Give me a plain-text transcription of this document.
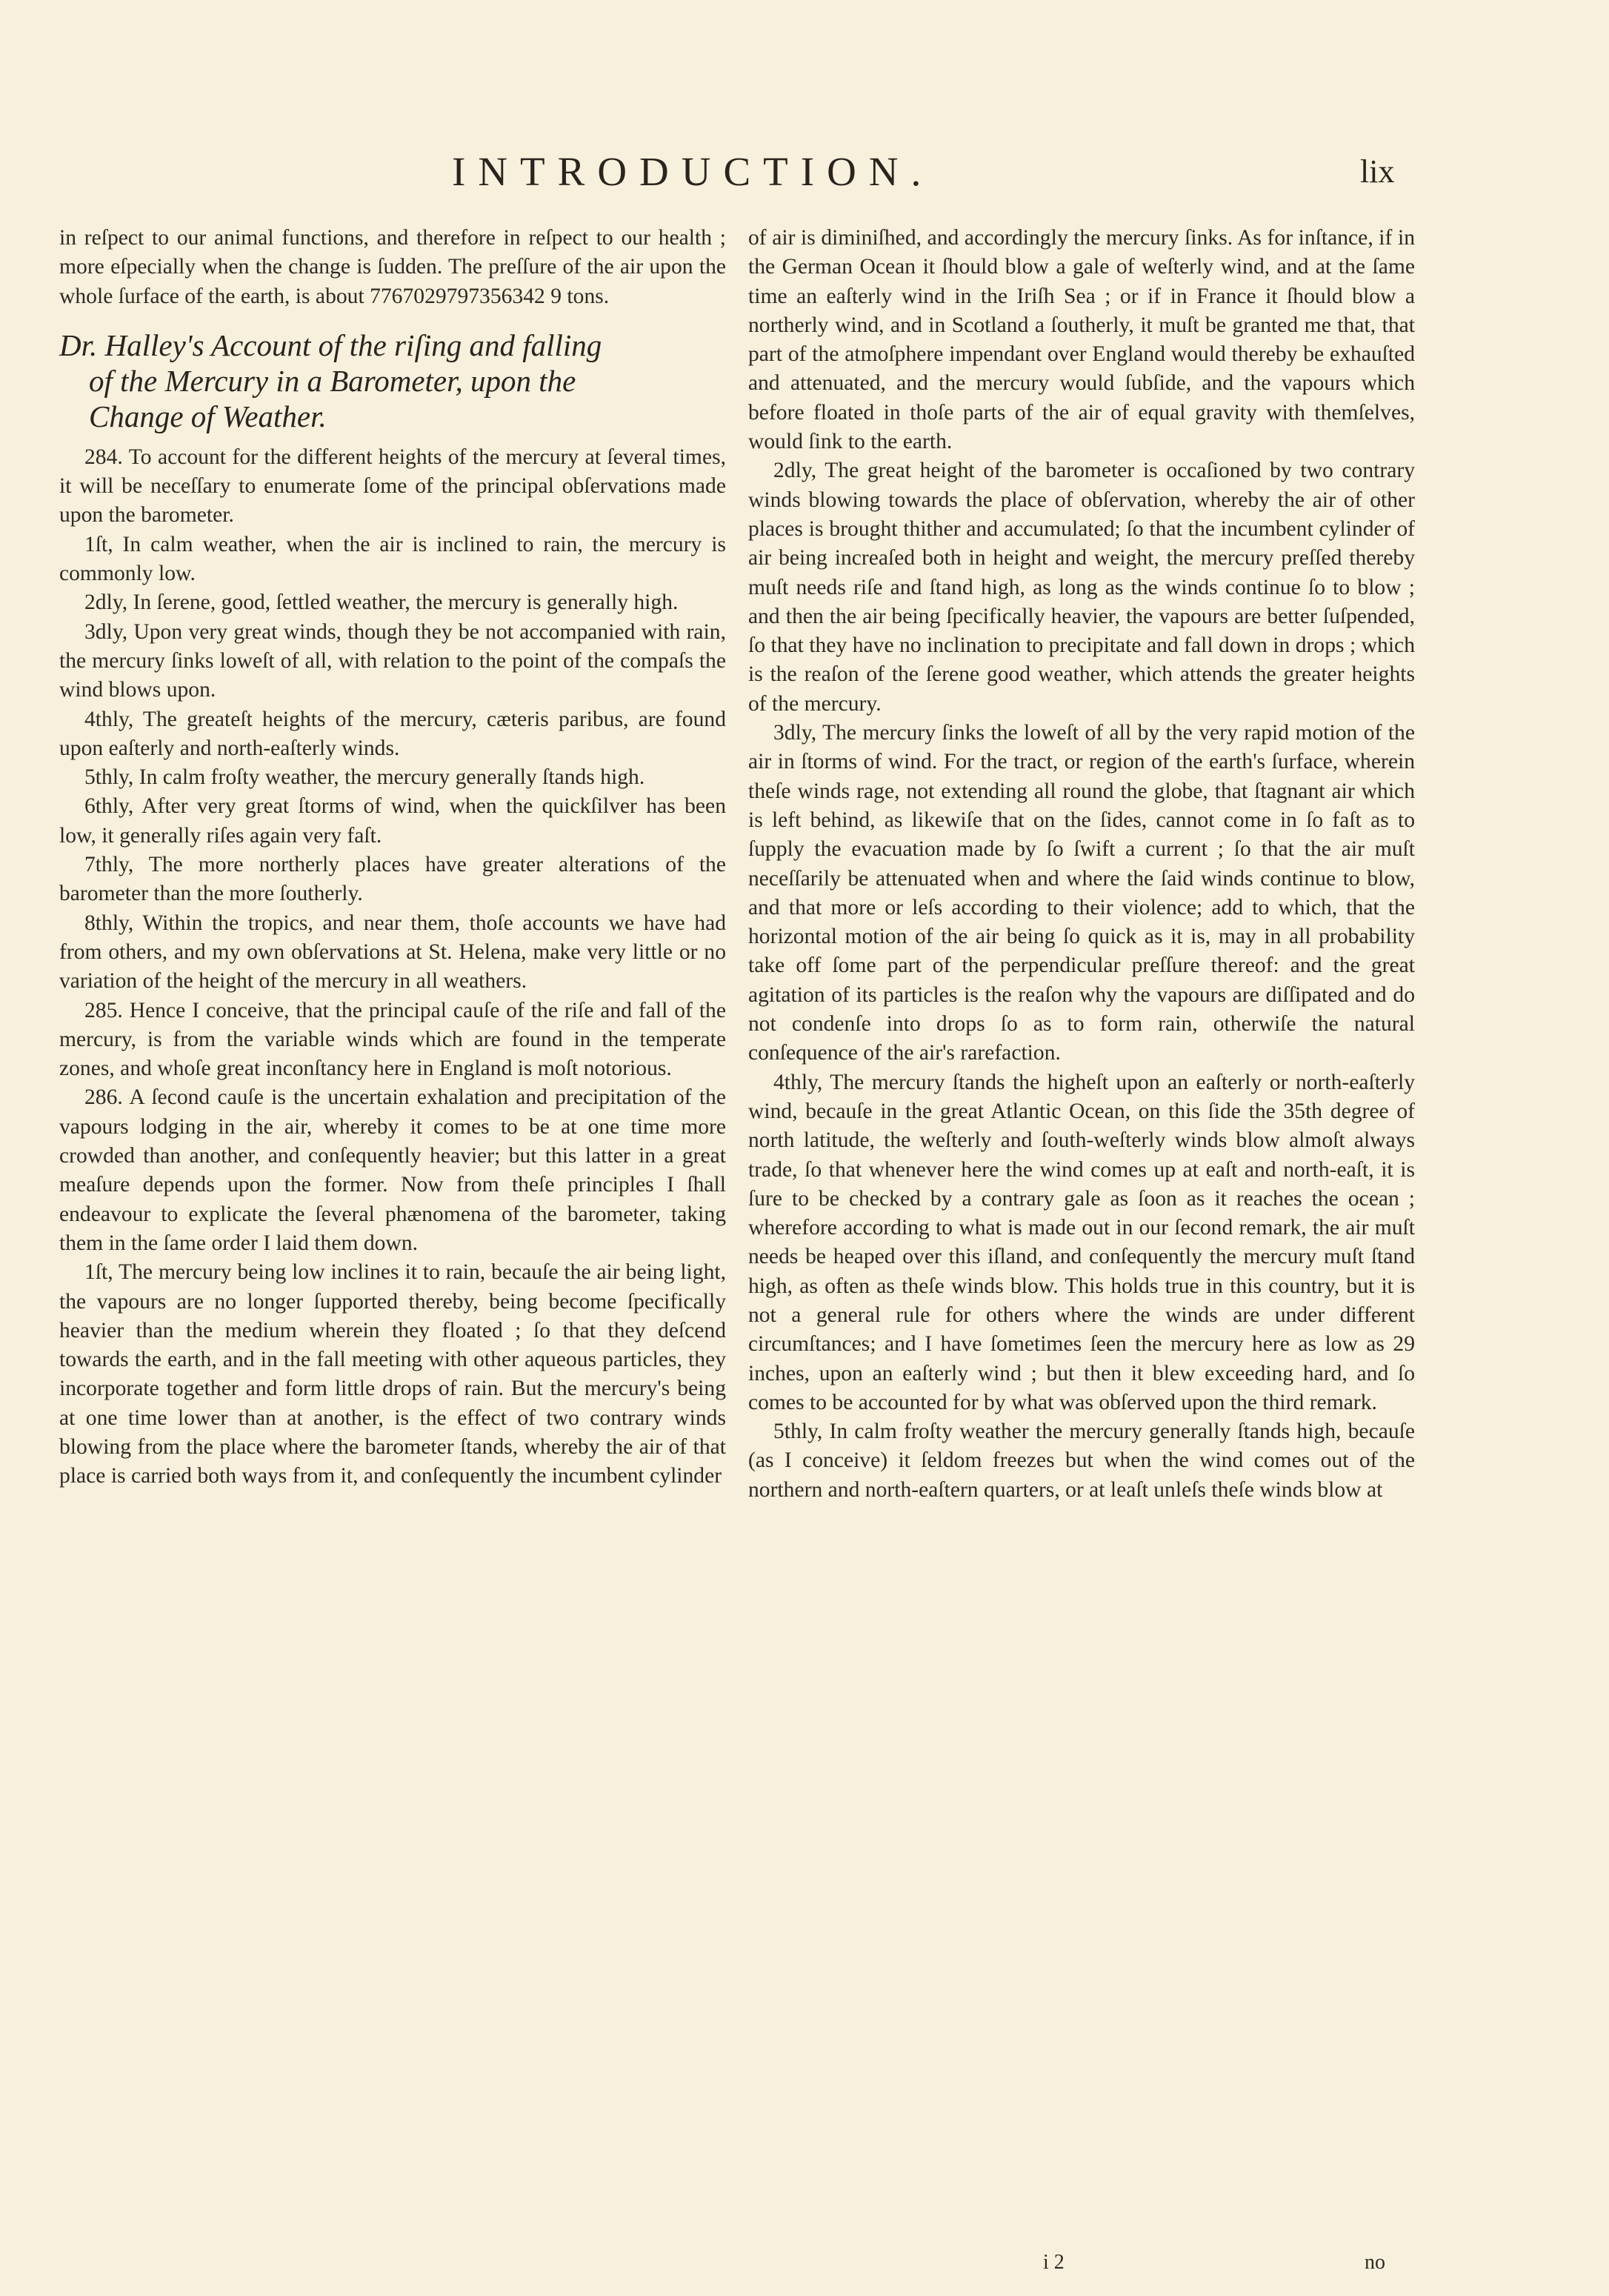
INTRODUCTION.	lix

in reſpect to our animal functions, and therefore in reſpect to our health ; more eſpecially when the change is ſudden. The preſſure of the air upon the whole ſurface of the earth, is about 7767029797356342 9 tons.

Dr. Halley's Account of the riſing and falling
of the Mercury in a Barometer, upon the
Change of Weather.

284. To account for the different heights of the mercury at ſeveral times, it will be neceſſary to enumerate ſome of the principal obſervations made upon the barometer.

1ſt, In calm weather, when the air is inclined to rain, the mercury is commonly low.

2dly, In ſerene, good, ſettled weather, the mercury is generally high.

3dly, Upon very great winds, though they be not accompanied with rain, the mercury ſinks loweſt of all, with relation to the point of the compaſs the wind blows upon.

4thly, The greateſt heights of the mercury, cæteris paribus, are found upon eaſterly and north-eaſterly winds.

5thly, In calm froſty weather, the mercury generally ſtands high.

6thly, After very great ſtorms of wind, when the quickſilver has been low, it generally riſes again very faſt.

7thly, The more northerly places have greater alterations of the barometer than the more ſoutherly.

8thly, Within the tropics, and near them, thoſe accounts we have had from others, and my own obſervations at St. Helena, make very little or no variation of the height of the mercury in all weathers.

285. Hence I conceive, that the principal cauſe of the riſe and fall of the mercury, is from the variable winds which are found in the temperate zones, and whoſe great inconſtancy here in England is moſt notorious.

286. A ſecond cauſe is the uncertain exhalation and precipitation of the vapours lodging in the air, whereby it comes to be at one time more crowded than another, and conſequently heavier; but this latter in a great meaſure depends upon the former. Now from theſe principles I ſhall endeavour to explicate the ſeveral phænomena of the barometer, taking them in the ſame order I laid them down.

1ſt, The mercury being low inclines it to rain, becauſe the air being light, the vapours are no longer ſupported thereby, being become ſpecifically heavier than the medium wherein they floated ; ſo that they deſcend towards the earth, and in the fall meeting with other aqueous particles, they incorporate together and form little drops of rain. But the mercury's being at one time lower than at another, is the effect of two contrary winds blowing from the place where the barometer ſtands, whereby the air of that place is carried both ways from it, and conſequently the incumbent cylinder

of air is diminiſhed, and accordingly the mercury ſinks. As for inſtance, if in the German Ocean it ſhould blow a gale of weſterly wind, and at the ſame time an eaſterly wind in the Iriſh Sea ; or if in France it ſhould blow a northerly wind, and in Scotland a ſoutherly, it muſt be granted me that, that part of the atmoſphere impendant over England would thereby be exhauſted and attenuated, and the mercury would ſubſide, and the vapours which before floated in thoſe parts of the air of equal gravity with themſelves, would ſink to the earth.

2dly, The great height of the barometer is occaſioned by two contrary winds blowing towards the place of obſervation, whereby the air of other places is brought thither and accumulated; ſo that the incumbent cylinder of air being increaſed both in height and weight, the mercury preſſed thereby muſt needs riſe and ſtand high, as long as the winds continue ſo to blow ; and then the air being ſpecifically heavier, the vapours are better ſuſpended, ſo that they have no inclination to precipitate and fall down in drops ; which is the reaſon of the ſerene good weather, which attends the greater heights of the mercury.

3dly, The mercury ſinks the loweſt of all by the very rapid motion of the air in ſtorms of wind. For the tract, or region of the earth's ſurface, wherein theſe winds rage, not extending all round the globe, that ſtagnant air which is left behind, as likewiſe that on the ſides, cannot come in ſo faſt as to ſupply the evacuation made by ſo ſwift a current ; ſo that the air muſt neceſſarily be attenuated when and where the ſaid winds continue to blow, and that more or leſs according to their violence; add to which, that the horizontal motion of the air being ſo quick as it is, may in all probability take off ſome part of the perpendicular preſſure thereof: and the great agitation of its particles is the reaſon why the vapours are diſſipated and do not condenſe into drops ſo as to form rain, otherwiſe the natural conſequence of the air's rarefaction.

4thly, The mercury ſtands the higheſt upon an eaſterly or north-eaſterly wind, becauſe in the great Atlantic Ocean, on this ſide the 35th degree of north latitude, the weſterly and ſouth-weſterly winds blow almoſt always trade, ſo that whenever here the wind comes up at eaſt and north-eaſt, it is ſure to be checked by a contrary gale as ſoon as it reaches the ocean ; wherefore according to what is made out in our ſecond remark, the air muſt needs be heaped over this iſland, and conſequently the mercury muſt ſtand high, as often as theſe winds blow. This holds true in this country, but it is not a general rule for others where the winds are under different circumſtances; and I have ſometimes ſeen the mercury here as low as 29 inches, upon an eaſterly wind ; but then it blew exceeding hard, and ſo comes to be accounted for by what was obſerved upon the third remark.

5thly, In calm froſty weather the mercury generally ſtands high, becauſe (as I conceive) it ſeldom freezes but when the wind comes out of the northern and north-eaſtern quarters, or at leaſt unleſs theſe winds blow at

i 2	no
